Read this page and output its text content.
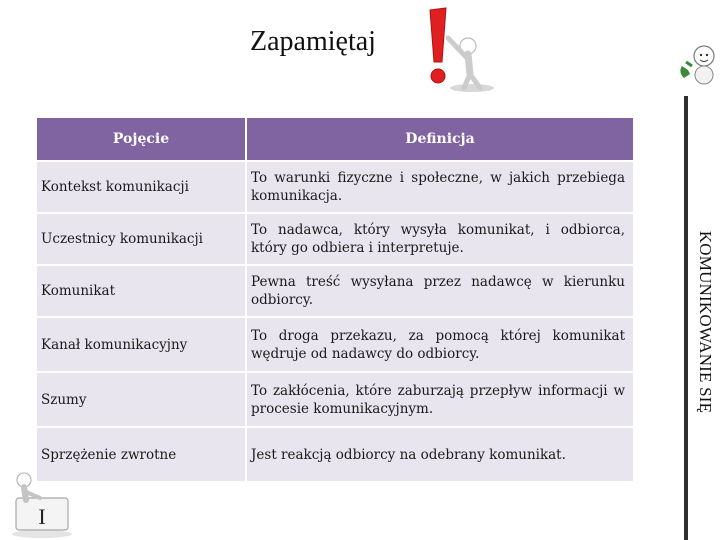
Zapamiętaj
KOMUNIKOWANIE SIĘ
Pojęcie	Definicja
Kontekst komunikacji	To warunki fizyczne i społeczne, w jakich przebiega komunikacja.
Uczestnicy komunikacji	To nadawca, który wysyła komunikat, i odbiorca, który go odbiera i interpretuje.
Komunikat	Pewna treść wysyłana przez nadawcę w kierunku odbiorcy.
Kanał komunikacyjny	To droga przekazu, za pomocą której komunikat wędruje od nadawcy do odbiorcy.
Szumy	To zakłócenia, które zaburzają przepływ informacji w procesie komunikacyjnym.
Sprzężenie zwrotne	Jest reakcją odbiorcy na odebrany komunikat.
I
